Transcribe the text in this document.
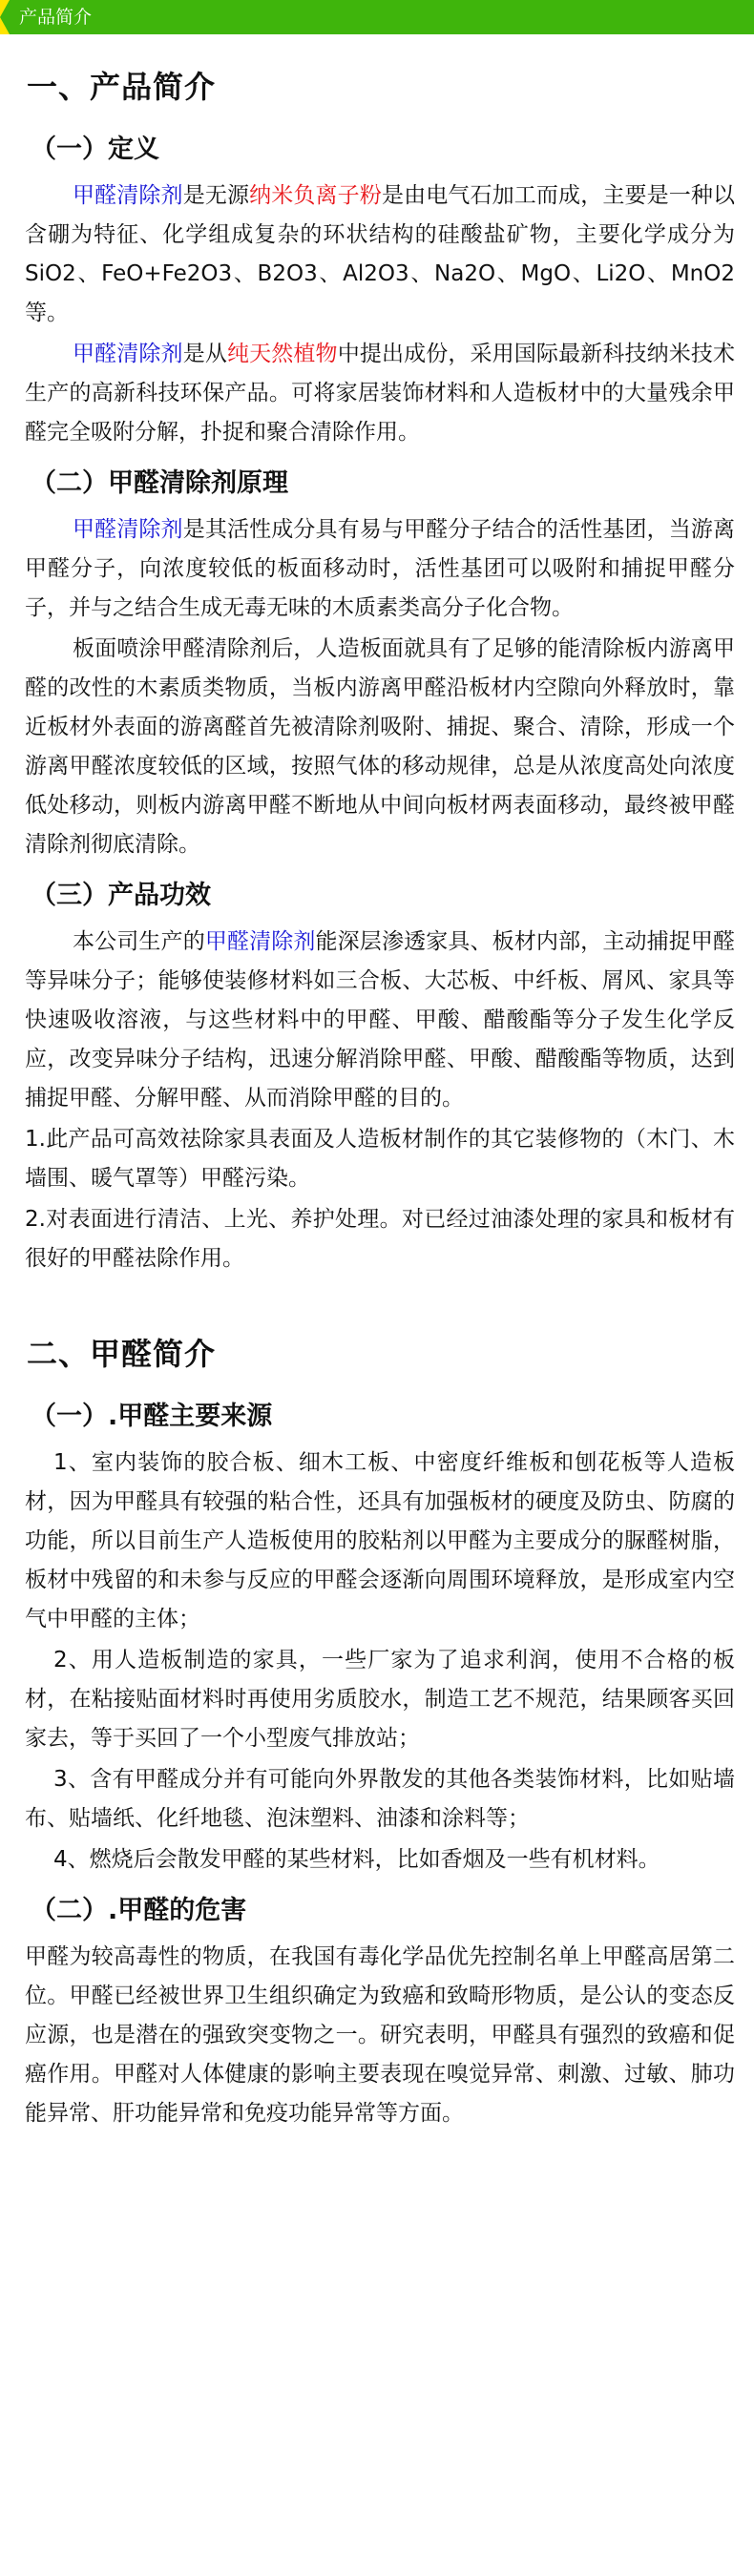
产品简介
一、产品简介
（一）定义

甲醛清除剂是无源纳米负离子粉是由电气石加工而成，主要是一种以含硼为特征、化学组成复杂的环状结构的硅酸盐矿物，主要化学成分为SiO2、FeO+Fe2O3、B2O3、Al2O3、Na2O、MgO、Li2O、MnO2等。

甲醛清除剂是从纯天然植物中提出成份，采用国际最新科技纳米技术生产的高新科技环保产品。可将家居装饰材料和人造板材中的大量残余甲醛完全吸附分解，扑捉和聚合清除作用。

（二）甲醛清除剂原理

甲醛清除剂是其活性成分具有易与甲醛分子结合的活性基团，当游离甲醛分子，向浓度较低的板面移动时，活性基团可以吸附和捕捉甲醛分子，并与之结合生成无毒无味的木质素类高分子化合物。

板面喷涂甲醛清除剂后，人造板面就具有了足够的能清除板内游离甲醛的改性的木素质类物质，当板内游离甲醛沿板材内空隙向外释放时，靠近板材外表面的游离醛首先被清除剂吸附、捕捉、聚合、清除，形成一个游离甲醛浓度较低的区域，按照气体的移动规律，总是从浓度高处向浓度低处移动，则板内游离甲醛不断地从中间向板材两表面移动，最终被甲醛清除剂彻底清除。

（三）产品功效

本公司生产的甲醛清除剂能深层渗透家具、板材内部，主动捕捉甲醛等异味分子；能够使装修材料如三合板、大芯板、中纤板、屑风、家具等快速吸收溶液，与这些材料中的甲醛、甲酸、醋酸酯等分子发生化学反应，改变异味分子结构，迅速分解消除甲醛、甲酸、醋酸酯等物质，达到捕捉甲醛、分解甲醛、从而消除甲醛的目的。

1.此产品可高效祛除家具表面及人造板材制作的其它装修物的（木门、木墙围、暖气罩等）甲醛污染。

2.对表面进行清洁、上光、养护处理。对已经过油漆处理的家具和板材有很好的甲醛祛除作用。

二、甲醛简介
（一）.甲醛主要来源

1、室内装饰的胶合板、细木工板、中密度纤维板和刨花板等人造板材，因为甲醛具有较强的粘合性，还具有加强板材的硬度及防虫、防腐的功能，所以目前生产人造板使用的胶粘剂以甲醛为主要成分的脲醛树脂，板材中残留的和未参与反应的甲醛会逐渐向周围环境释放，是形成室内空气中甲醛的主体；

2、用人造板制造的家具，一些厂家为了追求利润，使用不合格的板材，在粘接贴面材料时再使用劣质胶水，制造工艺不规范，结果顾客买回家去，等于买回了一个小型废气排放站；

3、含有甲醛成分并有可能向外界散发的其他各类装饰材料，比如贴墙布、贴墙纸、化纤地毯、泡沫塑料、油漆和涂料等；

4、燃烧后会散发甲醛的某些材料，比如香烟及一些有机材料。

（二）.甲醛的危害

甲醛为较高毒性的物质，在我国有毒化学品优先控制名单上甲醛高居第二位。甲醛已经被世界卫生组织确定为致癌和致畸形物质，是公认的变态反应源，也是潜在的强致突变物之一。研究表明，甲醛具有强烈的致癌和促癌作用。甲醛对人体健康的影响主要表现在嗅觉异常、刺激、过敏、肺功能异常、肝功能异常和免疫功能异常等方面。
